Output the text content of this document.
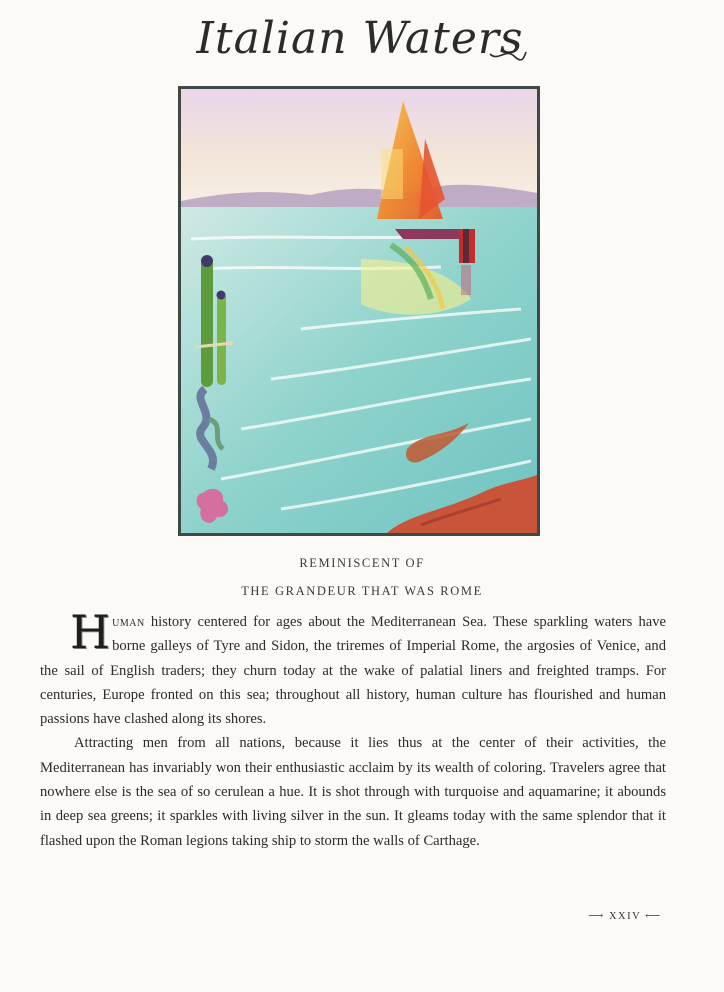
Italian Waters
REMINISCENT OF
THE GRANDEUR THAT WAS ROME

Human history centered for ages about the Mediterranean Sea. These sparkling waters have borne galleys of Tyre and Sidon, the triremes of Imperial Rome, the argosies of Venice, and the sail of English traders; they churn today at the wake of palatial liners and freighted tramps. For centuries, Europe fronted on this sea; throughout all history, human culture has flourished and human passions have clashed along its shores.

Attracting men from all nations, because it lies thus at the center of their activities, the Mediterranean has invariably won their enthusiastic acclaim by its wealth of coloring. Travelers agree that nowhere else is the sea of so cerulean a hue. It is shot through with turquoise and aquamarine; it abounds in deep sea greens; it sparkles with living silver in the sun. It gleams today with the same splendor that it flashed upon the Roman legions taking ship to storm the walls of Carthage.

⟶ XXIV ⟵
